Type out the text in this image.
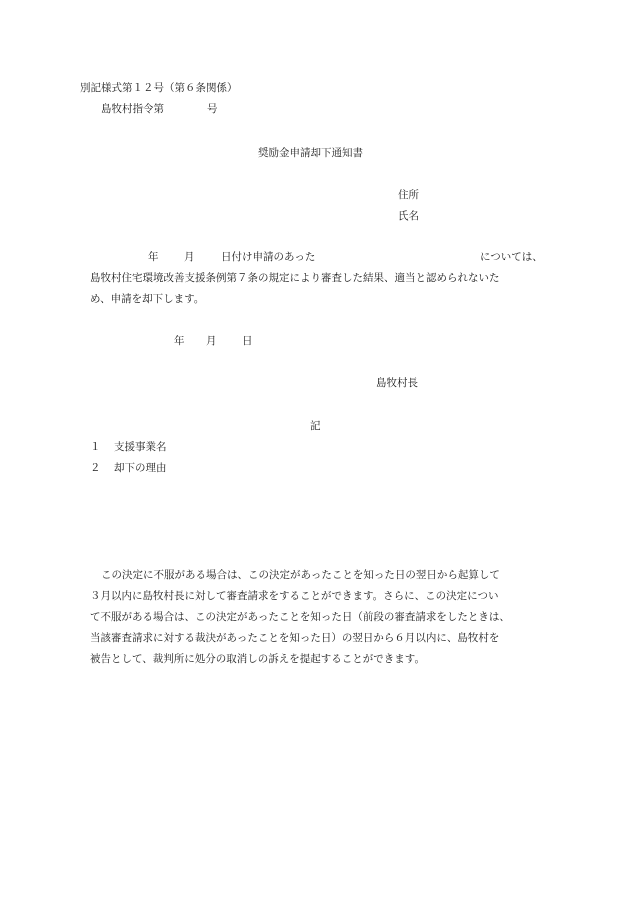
別記様式第１２号（第６条関係）
島牧村指令第	号
奨励金申請却下通知書
住所
氏名
年 月	日付け申請のあった	については、
島牧村住宅環境改善支援条例第７条の規定により審査した結果、適当と認められないた
め、申請を却下します。
年 月 日
島牧村長
記
１ 支援事業名
２ 却下の理由
この決定に不服がある場合は、この決定があったことを知った日の翌日から起算して
３月以内に島牧村長に対して審査請求をすることができます。さらに、この決定につい
て不服がある場合は、この決定があったことを知った日（前段の審査請求をしたときは、
当該審査請求に対する裁決があったことを知った日）の翌日から６月以内に、島牧村を
被告として、裁判所に処分の取消しの訴えを提起することができます。
